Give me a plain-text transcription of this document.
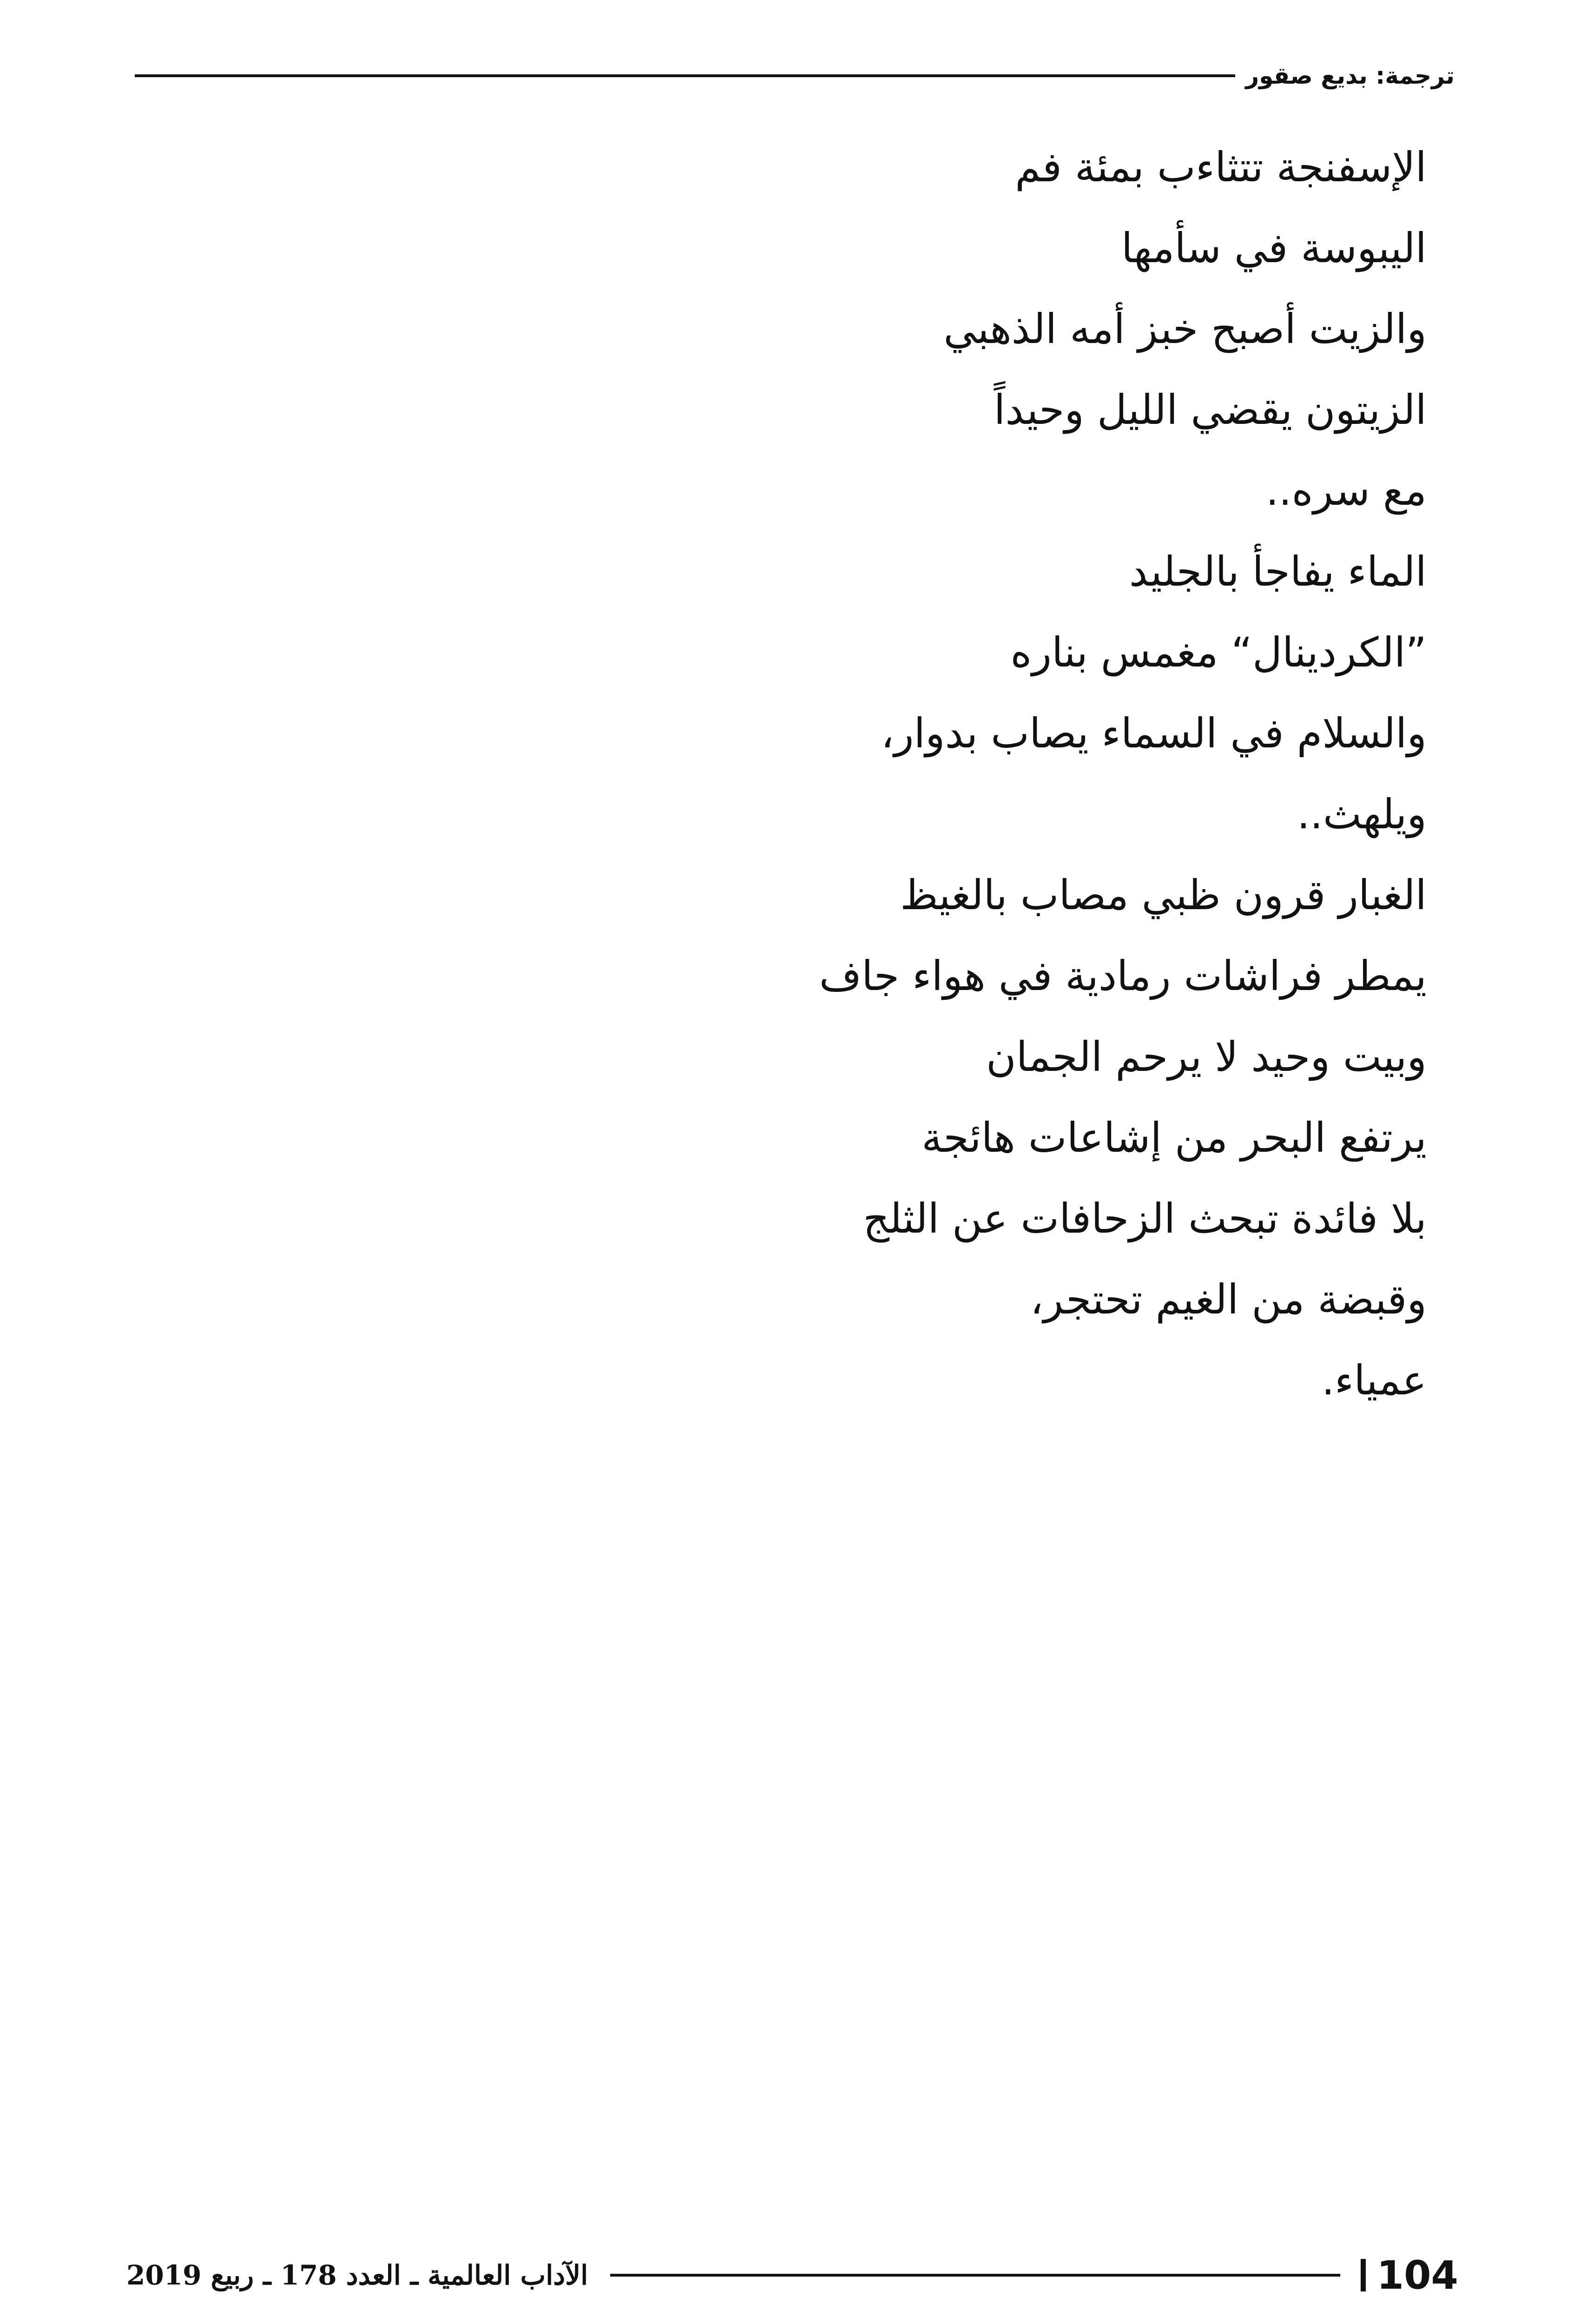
ترجمة: بديع صقور
الإسفنجة تتثاءب بمئة فم
اليبوسة في سأمها
والزيت أصبح خبز أمه الذهبي
الزيتون يقضي الليل وحيداً
مع سره..
الماء يفاجأ بالجليد
”الكردينال“ مغمس بناره
والسلام في السماء يصاب بدوار،
ويلهث..
الغبار قرون ظبي مصاب بالغيظ
يمطر فراشات رمادية في هواء جاف
وبيت وحيد لا يرحم الجمان
يرتفع البحر من إشاعات هائجة
بلا فائدة تبحث الزحافات عن الثلج
وقبضة من الغيم تحتجر،
عمياء.
الآداب العالمية ـ العدد 178 ـ ربيع 2019	104
